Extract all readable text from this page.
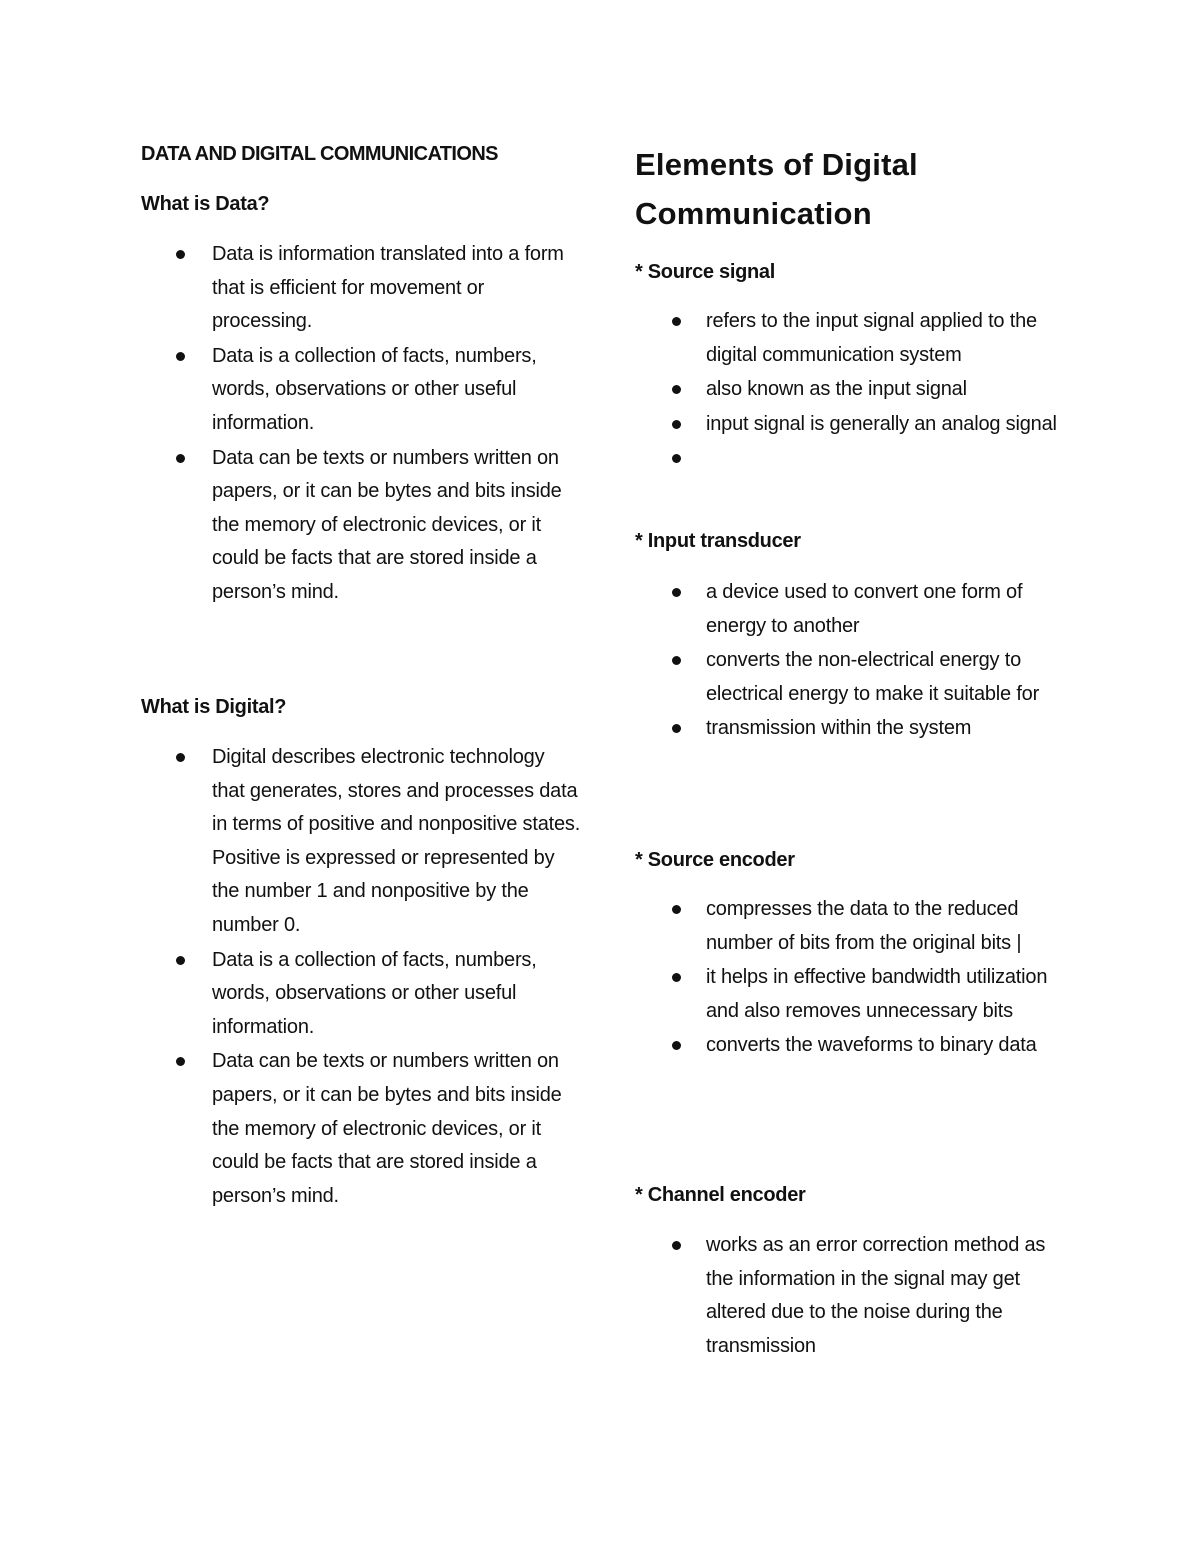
DATA AND DIGITAL COMMUNICATIONS
What is Data?
Data is information translated into a form that is efficient for movement or processing.
Data is a collection of facts, numbers, words, observations or other useful information.
Data can be texts or numbers written on papers, or it can be bytes and bits inside the memory of electronic devices, or it could be facts that are stored inside a person’s mind.
What is Digital?
Digital describes electronic technology that generates, stores and processes data in terms of positive and nonpositive states. Positive is expressed or represented by the number 1 and nonpositive by the number 0.
Data is a collection of facts, numbers, words, observations or other useful information.
Data can be texts or numbers written on papers, or it can be bytes and bits inside the memory of electronic devices, or it could be facts that are stored inside a person’s mind.
Elements of Digital Communication
* Source signal
refers to the input signal applied to the digital communication system
also known as the input signal
input signal is generally an analog signal
* Input transducer
a device used to convert one form of energy to another
converts the non-electrical energy to electrical energy to make it suitable for
transmission within the system
* Source encoder
compresses the data to the reduced number of bits from the original bits |
it helps in effective bandwidth utilization and also removes unnecessary bits
converts the waveforms to binary data
* Channel encoder
works as an error correction method as the information in the signal may get altered due to the noise during the transmission
